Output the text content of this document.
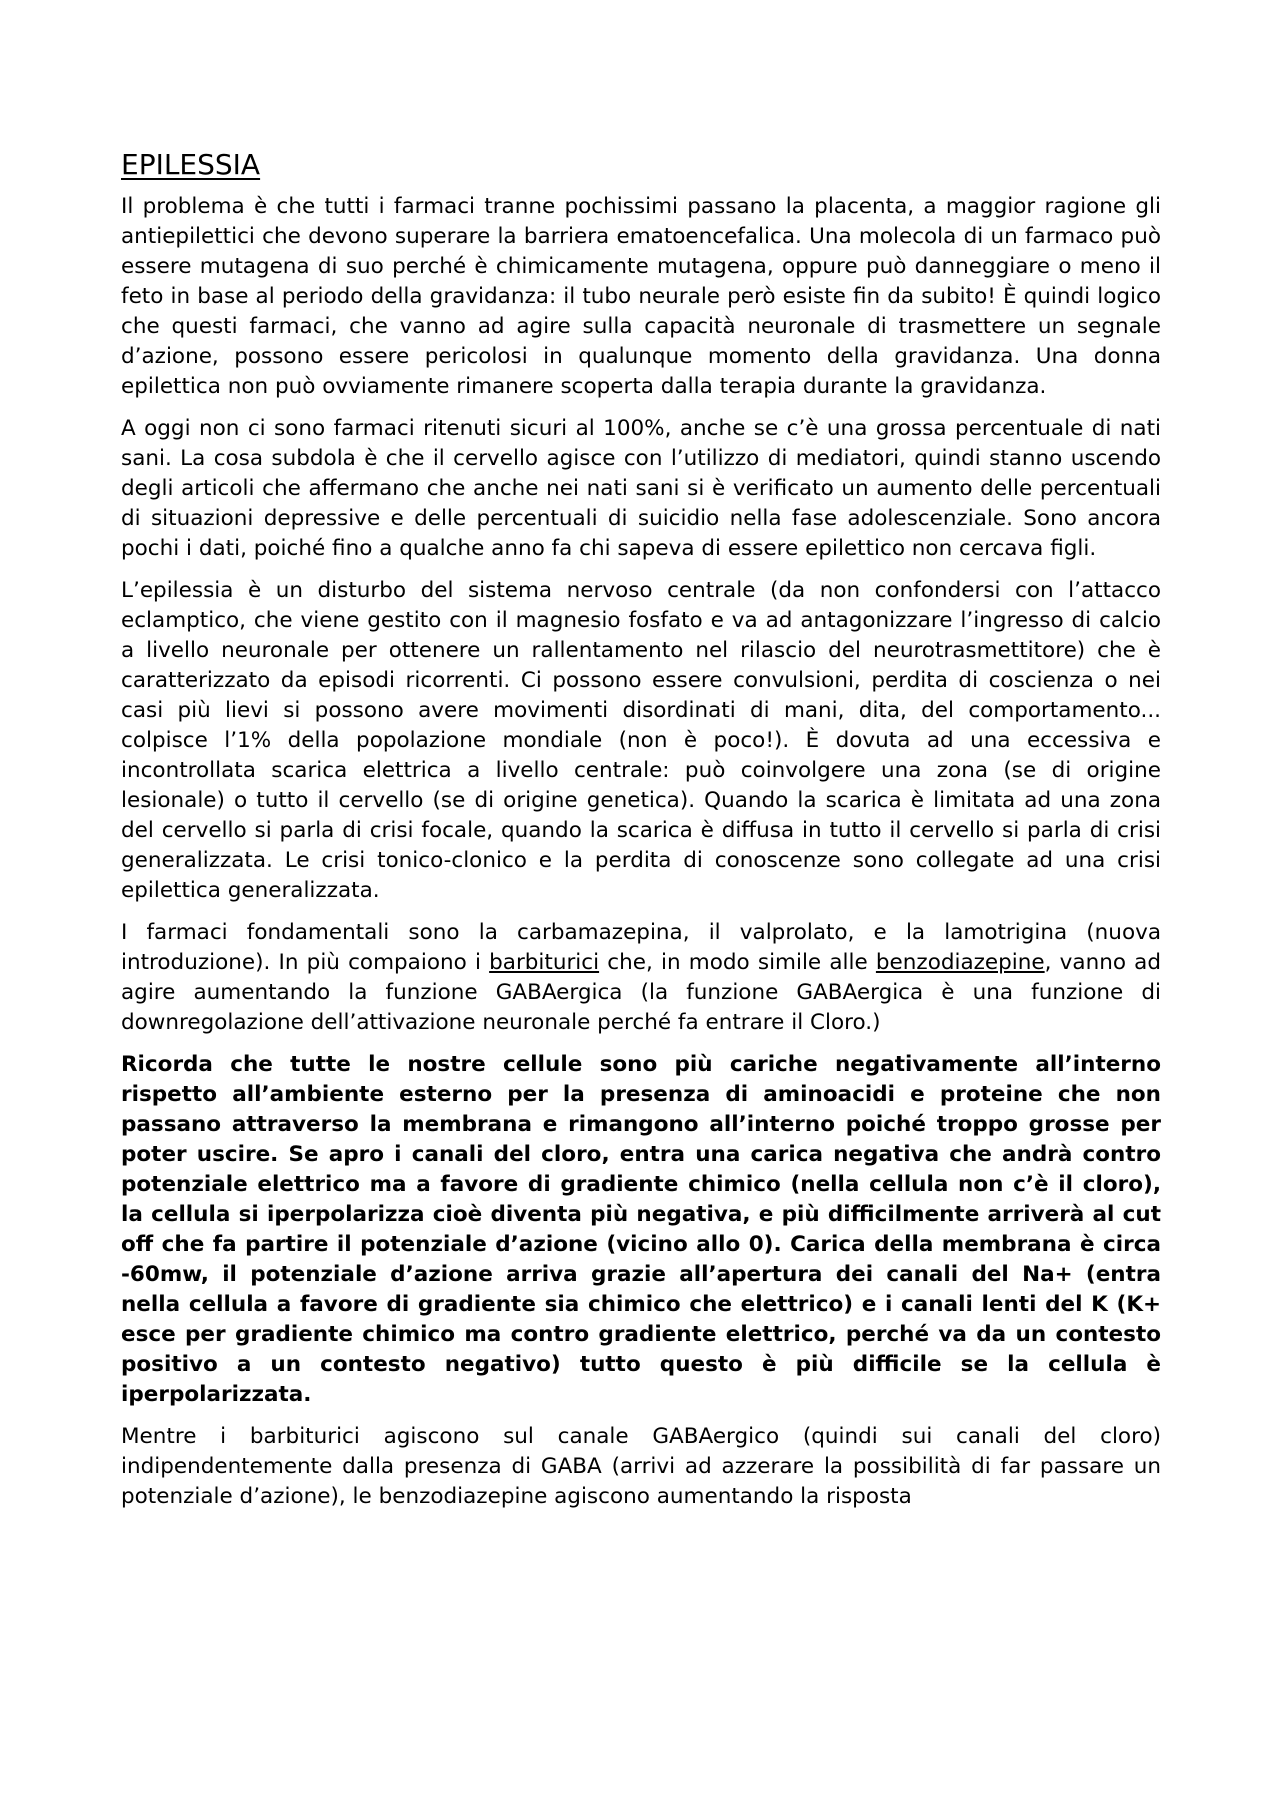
EPILESSIA

Il problema è che tutti i farmaci tranne pochissimi passano la placenta, a maggior ragione gli antiepilettici che devono superare la barriera ematoencefalica. Una molecola di un farmaco può essere mutagena di suo perché è chimicamente mutagena, oppure può danneggiare o meno il feto in base al periodo della gravidanza: il tubo neurale però esiste fin da subito! È quindi logico che questi farmaci, che vanno ad agire sulla capacità neuronale di trasmettere un segnale d’azione, possono essere pericolosi in qualunque momento della gravidanza. Una donna epilettica non può ovviamente rimanere scoperta dalla terapia durante la gravidanza.

A oggi non ci sono farmaci ritenuti sicuri al 100%, anche se c’è una grossa percentuale di nati sani. La cosa subdola è che il cervello agisce con l’utilizzo di mediatori, quindi stanno uscendo degli articoli che affermano che anche nei nati sani si è verificato un aumento delle percentuali di situazioni depressive e delle percentuali di suicidio nella fase adolescenziale. Sono ancora pochi i dati, poiché fino a qualche anno fa chi sapeva di essere epilettico non cercava figli.

L’epilessia è un disturbo del sistema nervoso centrale (da non confondersi con l’attacco eclamptico, che viene gestito con il magnesio fosfato e va ad antagonizzare l’ingresso di calcio a livello neuronale per ottenere un rallentamento nel rilascio del neurotrasmettitore) che è caratterizzato da episodi ricorrenti. Ci possono essere convulsioni, perdita di coscienza o nei casi più lievi si possono avere movimenti disordinati di mani, dita, del comportamento... colpisce l’1% della popolazione mondiale (non è poco!). È dovuta ad una eccessiva e incontrollata scarica elettrica a livello centrale: può coinvolgere una zona (se di origine lesionale) o tutto il cervello (se di origine genetica). Quando la scarica è limitata ad una zona del cervello si parla di crisi focale, quando la scarica è diffusa in tutto il cervello si parla di crisi generalizzata. Le crisi tonico-clonico e la perdita di conoscenze sono collegate ad una crisi epilettica generalizzata.

I farmaci fondamentali sono la carbamazepina, il valprolato, e la lamotrigina (nuova introduzione). In più compaiono i barbiturici che, in modo simile alle benzodiazepine, vanno ad agire aumentando la funzione GABAergica (la funzione GABAergica è una funzione di downregolazione dell’attivazione neuronale perché fa entrare il Cloro.)

Ricorda che tutte le nostre cellule sono più cariche negativamente all’interno rispetto all’ambiente esterno per la presenza di aminoacidi e proteine che non passano attraverso la membrana e rimangono all’interno poiché troppo grosse per poter uscire. Se apro i canali del cloro, entra una carica negativa che andrà contro potenziale elettrico ma a favore di gradiente chimico (nella cellula non c’è il cloro), la cellula si iperpolarizza cioè diventa più negativa, e più difficilmente arriverà al cut off che fa partire il potenziale d’azione (vicino allo 0). Carica della membrana è circa -60mw, il potenziale d’azione arriva grazie all’apertura dei canali del Na+ (entra nella cellula a favore di gradiente sia chimico che elettrico) e i canali lenti del K (K+ esce per gradiente chimico ma contro gradiente elettrico, perché va da un contesto positivo a un contesto negativo) tutto questo è più difficile se la cellula è iperpolarizzata.

Mentre i barbiturici agiscono sul canale GABAergico (quindi sui canali del cloro) indipendentemente dalla presenza di GABA (arrivi ad azzerare la possibilità di far passare un potenziale d’azione), le benzodiazepine agiscono aumentando la risposta
